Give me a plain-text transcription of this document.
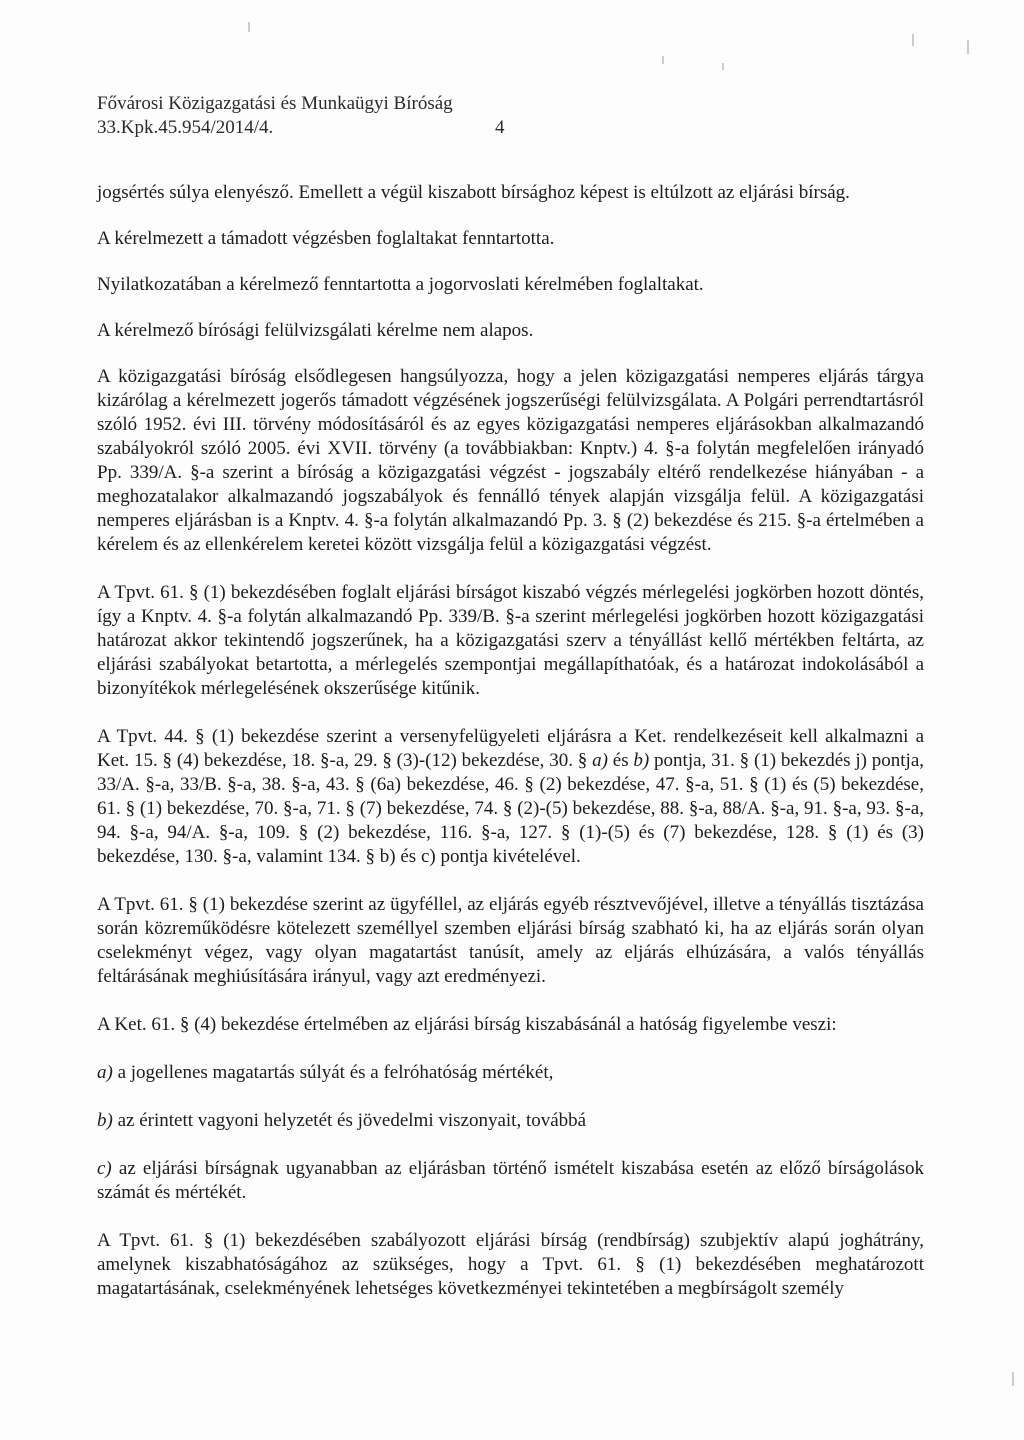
Fővárosi Közigazgatási és Munkaügyi Bíróság
33.Kpk.45.954/2014/4.	4

jogsértés súlya elenyésző. Emellett a végül kiszabott bírsághoz képest is eltúlzott az eljárási bírság.

A kérelmezett a támadott végzésben foglaltakat fenntartotta.

Nyilatkozatában a kérelmező fenntartotta a jogorvoslati kérelmében foglaltakat.

A kérelmező bírósági felülvizsgálati kérelme nem alapos.

A közigazgatási bíróság elsődlegesen hangsúlyozza, hogy a jelen közigazgatási nemperes eljárás tárgya kizárólag a kérelmezett jogerős támadott végzésének jogszerűségi felülvizsgálata. A Polgári perrendtartásról szóló 1952. évi III. törvény módosításáról és az egyes közigazgatási nemperes eljárásokban alkalmazandó szabályokról szóló 2005. évi XVII. törvény (a továbbiakban: Knptv.) 4. §-a folytán megfelelően irányadó Pp. 339/A. §-a szerint a bíróság a közigazgatási végzést - jogszabály eltérő rendelkezése hiányában - a meghozatalakor alkalmazandó jogszabályok és fennálló tények alapján vizsgálja felül. A közigazgatási nemperes eljárásban is a Knptv. 4. §-a folytán alkalmazandó Pp. 3. § (2) bekezdése és 215. §-a értelmében a kérelem és az ellenkérelem keretei között vizsgálja felül a közigazgatási végzést.

A Tpvt. 61. § (1) bekezdésében foglalt eljárási bírságot kiszabó végzés mérlegelési jogkörben hozott döntés, így a Knptv. 4. §-a folytán alkalmazandó Pp. 339/B. §-a szerint mérlegelési jogkörben hozott közigazgatási határozat akkor tekintendő jogszerűnek, ha a közigazgatási szerv a tényállást kellő mértékben feltárta, az eljárási szabályokat betartotta, a mérlegelés szempontjai megállapíthatóak, és a határozat indokolásából a bizonyítékok mérlegelésének okszerűsége kitűnik.

A Tpvt. 44. § (1) bekezdése szerint a versenyfelügyeleti eljárásra a Ket. rendelkezéseit kell alkalmazni a Ket. 15. § (4) bekezdése, 18. §-a, 29. § (3)-(12) bekezdése, 30. § a) és b) pontja, 31. § (1) bekezdés j) pontja, 33/A. §-a, 33/B. §-a, 38. §-a, 43. § (6a) bekezdése, 46. § (2) bekezdése, 47. §-a, 51. § (1) és (5) bekezdése, 61. § (1) bekezdése, 70. §-a, 71. § (7) bekezdése, 74. § (2)-(5) bekezdése, 88. §-a, 88/A. §-a, 91. §-a, 93. §-a, 94. §-a, 94/A. §-a, 109. § (2) bekezdése, 116. §-a, 127. § (1)-(5) és (7) bekezdése, 128. § (1) és (3) bekezdése, 130. §-a, valamint 134. § b) és c) pontja kivételével.

A Tpvt. 61. § (1) bekezdése szerint az ügyféllel, az eljárás egyéb résztvevőjével, illetve a tényállás tisztázása során közreműködésre kötelezett személlyel szemben eljárási bírság szabható ki, ha az eljárás során olyan cselekményt végez, vagy olyan magatartást tanúsít, amely az eljárás elhúzására, a valós tényállás feltárásának meghiúsítására irányul, vagy azt eredményezi.

A Ket. 61. § (4) bekezdése értelmében az eljárási bírság kiszabásánál a hatóság figyelembe veszi:

a) a jogellenes magatartás súlyát és a felróhatóság mértékét,

b) az érintett vagyoni helyzetét és jövedelmi viszonyait, továbbá

c) az eljárási bírságnak ugyanabban az eljárásban történő ismételt kiszabása esetén az előző bírságolások számát és mértékét.

A Tpvt. 61. § (1) bekezdésében szabályozott eljárási bírság (rendbírság) szubjektív alapú joghátrány, amelynek kiszabhatóságához az szükséges, hogy a Tpvt. 61. § (1) bekezdésében meghatározott magatartásának, cselekményének lehetséges következményei tekintetében a megbírságolt személy
